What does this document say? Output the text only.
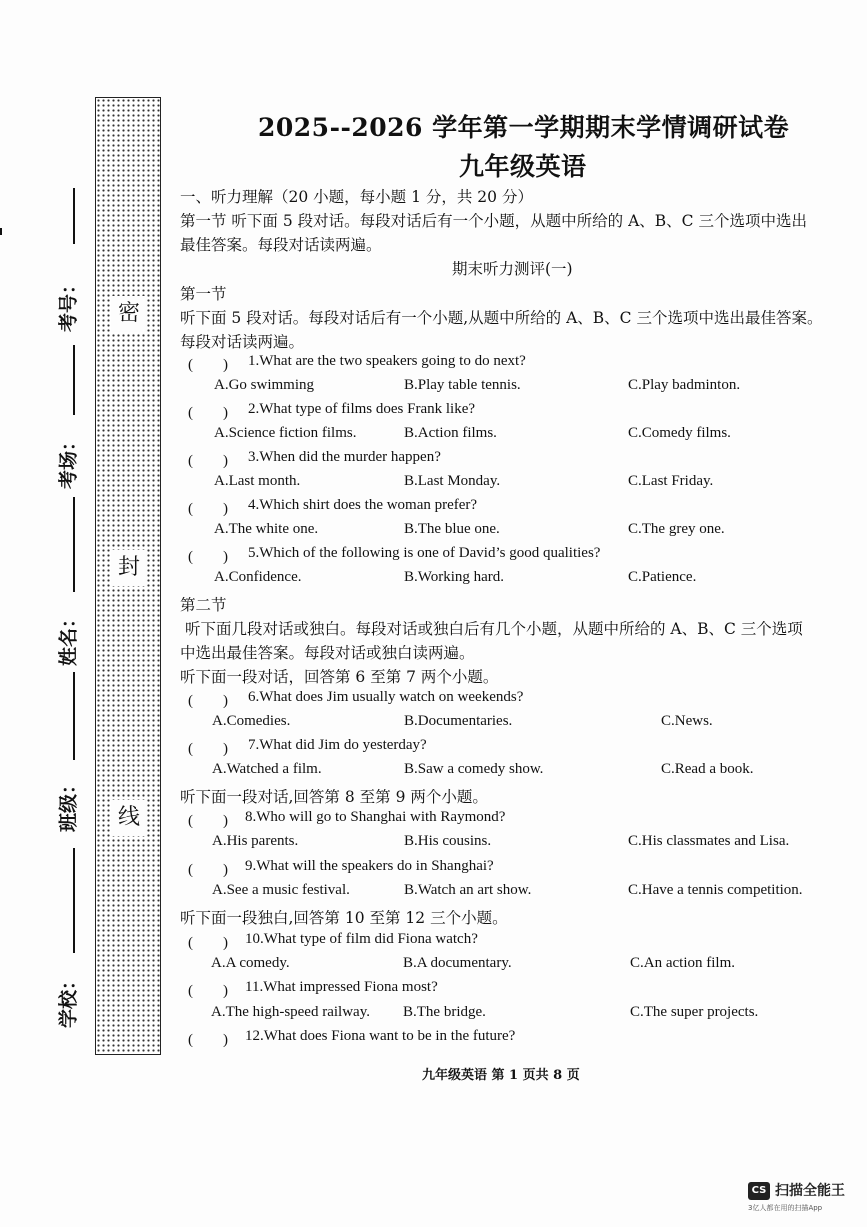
密
封
线
考号：
考场：
姓名：
班级：
学校：
2025--2026 学年第一学期期末学情调研试卷
九年级英语
一、听力理解（20 小题，每小题 1 分，共 20 分）
第一节 听下面 5 段对话。每段对话后有一个小题，从题中所给的 A、B、C 三个选项中选出
最佳答案。每段对话读两遍。
期末听力测评(一)
第一节
听下面 5 段对话。每段对话后有一个小题,从题中所给的 A、B、C 三个选项中选出最佳答案。
每段对话读两遍。
(　　) 1.What are the two speakers going to do next?
A.Go swimming	B.Play table tennis.	C.Play badminton.
(　　) 2.What type of films does Frank like?
A.Science fiction films.	B.Action films.	C.Comedy films.
(　　) 3.When did the murder happen?
A.Last month.	B.Last Monday.	C.Last Friday.
(　　) 4.Which shirt does the woman prefer?
A.The white one.	B.The blue one.	C.The grey one.
(　　) 5.Which of the following is one of David’s good qualities?
A.Confidence.	B.Working hard.	C.Patience.
第二节
听下面几段对话或独白。每段对话或独白后有几个小题，从题中所给的 A、B、C 三个选项
中选出最佳答案。每段对话或独白读两遍。
听下面一段对话，回答第 6 至第 7 两个小题。
(　　) 6.What does Jim usually watch on weekends?
A.Comedies.	B.Documentaries.	C.News.
(　　) 7.What did Jim do yesterday?
A.Watched a film.	B.Saw a comedy show.	C.Read a book.
听下面一段对话,回答第 8 至第 9 两个小题。
(　　) 8.Who will go to Shanghai with Raymond?
A.His parents.	B.His cousins.	C.His classmates and Lisa.
(　　) 9.What will the speakers do in Shanghai?
A.See a music festival.	B.Watch an art show.	C.Have a tennis competition.
听下面一段独白,回答第 10 至第 12 三个小题。
(　　) 10.What type of film did Fiona watch?
A.A comedy.	B.A documentary.	C.An action film.
(　　) 11.What impressed Fiona most?
A.The high-speed railway. B.The bridge.	C.The super projects.
(　　) 12.What does Fiona want to be in the future?
九年级英语 第 1 页共 8 页
CS 扫描全能王
3亿人都在用的扫描App
